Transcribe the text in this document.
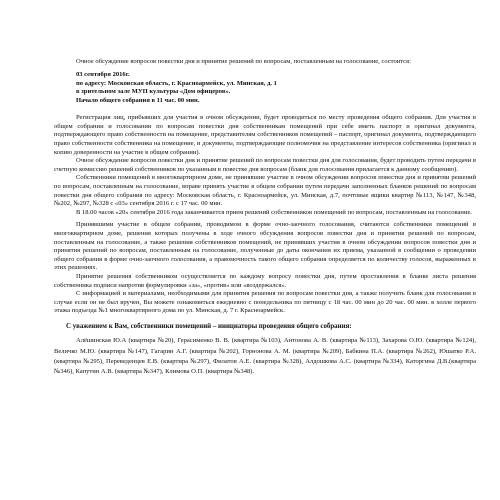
Очное обсуждение вопросов повестки дня и принятие решений по вопросам, поставленным на голосование, состоится:

03 сентября 2016г.
по адресу: Московская область, г. Красноармейск, ул. Минская, д. 1
в зрительном зале МУП культуры «Дом офицеров».
Начало общего собрания в 11 час. 00 мин.

Регистрация лиц, прибывших для участия в очном обсуждении, будет проводиться по месту проведения общего собрания. Для участия в общем собрании и голосовании по вопросам повестки дня собственникам помещений при себе иметь паспорт и оригинал документа, подтверждающего право собственности на помещение, представителям собственников помещений – паспорт, оригинал документа, подтверждающего право собственности собственника на помещение, и документы, подтверждающие полномочия на представление интересов собственника (оригинал и копию доверенности на участие в общем собрании).

Очное обсуждение вопросов повестки дня и принятие решений по вопросам повестки дня для голосования, будет проводить путем передачи в счетную комиссию решений собственников по указанным в повестке дня вопросам (бланк для голосования прилагается к данному сообщению).

Собственники помещений в многоквартирном доме, не принявшие участие в очном обсуждении вопросов повестки дня и принятии решений по вопросам, поставленным на голосование, вправе принять участие в общем собрании путем передачи заполненных бланков решений по вопросам повестки дня общего собрания по адресу: Московская область, г. Красноармейск, ул. Минская, д.7, почтовые ящики квартир №113, №147, №348, №202, №297, №328 с «03» сентября 2016 г. с 17 час. 00 мин.

В 18.00 часов «20» сентября 2016 года заканчивается прием решений собственников помещений по вопросам, поставленным на голосование.

Принявшими участие в общем собрании, проводимом в форме очно-заочного голосования, считаются собственники помещений в многоквартирном доме, решения которых получены в ходе очного обсуждения вопросов повестки дня и принятия решений по вопросам, поставленным на голосование, а также решения собственников помещений, не принявших участия в очном обсуждении вопросов повестки дня и принятия решений по вопросам, поставленным на голосование, полученные до даты окончания их приема, указанной в сообщении о проведении общего собрания в форме очно-заочного голосования, а правомочность такого общего собрания определяется по количеству голосов, выраженных в этих решениях.

Принятие решения собственником осуществляется по каждому вопросу повестки дня, путем проставления в бланке листа решения собственника подписи напротив формулировки «за», «против» или «воздержался».

С информацией и материалами, необходимыми для принятия решения по вопросам повестки дня, а также получить бланк для голосования в случае если он не был вручен, Вы можете ознакомиться ежедневно с понедельника по пятницу с 18 час. 00 мин до 20 час. 00 мин. в холле первого этажа подъезда №1 многоквартирного дома по ул. Минская, д. 7 г. Красноармейск.

С уважением к Вам, собственники помещений – инициаторы проведения общего собрания:

Алёшинская Ю.А (квартира №20), Герасименко В. В. (квартира №103), Антонова А. В. (квартира №113), Захарова О.Ю. (квартира №124), Величко М.Ю. (квартира №147), Гагарин А.Г. (квартира №202), Горнонова А. М. (квартира №209), Бабкина П.А. (квартира №262), Юшатко Р.А. (квартира №295), Переведенцев Е.В. (квартира №297), Филатов А.Е. (квартира №328), Алдошкова А.С. (квартира №334), Каторгина Д.В.(квартира №346), Капутин А.В. (квартира №347), Климова О.П. (квартира №348).
